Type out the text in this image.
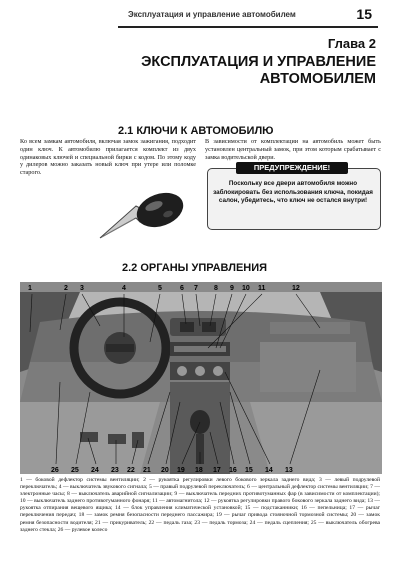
Эксплуатация и управление автомобилем	15
Глава 2
ЭКСПЛУАТАЦИЯ И УПРАВЛЕНИЕ
АВТОМОБИЛЕМ
2.1 КЛЮЧИ К АВТОМОБИЛЮ
Ко всем замкам автомобиля, включая замок зажигания, подходит один ключ. К автомобилю прилагается комплект из двух одинаковых ключей и специальной бирки с кодом. По этому коду у дилеров можно заказать новый ключ при утере или поломке старого.
В зависимости от комплектации на автомобиль может быть установлен центральный замок, при этом которым срабатывает с замка водительской двери.
ПРЕДУПРЕЖДЕНИЕ!
Поскольку все двери автомобиля можно заблокировать без использования ключа, покидая салон, убедитесь, что ключ не остался внутри!
2.2 ОРГАНЫ УПРАВЛЕНИЯ
1	2 3	4	5	6 7 8 9 10 11	12
26 25 24 23 22 21 20 19 18 17 16 15 14 13
1 — боковой дефлектор системы вентиляции; 2 — рукоятка регулировки левого бокового зеркала заднего вида; 3 — левый подрулевой переключатель; 4 — выключатель звукового сигнала; 5 — правый подрулевой переключатель; 6 — центральный дефлектор системы вентиляции; 7 — электронные часы; 8 — выключатель аварийной сигнализации; 9 — выключатель передних противотуманных фар (в зависимости от комплектации); 10 — выключатель заднего противотуманного фонаря; 11 — автомагнитола; 12 — рукоятка регулировки правого бокового зеркала заднего вида; 13 — рукоятка отпирания вещевого ящика; 14 — блок управления климатической установкой; 15 — подстаканники; 16 — пепельница; 17 — рычаг переключения передач; 18 — замок ремня безопасности переднего пассажира; 19 — рычаг привода стояночной тормозной системы; 20 — замок ремня безопасности водителя; 21 — прикуриватель; 22 — педаль газа; 23 — педаль тормоза; 24 — педаль сцепления; 25 — выключатель обогрева заднего стекла; 26 — рулевое колесо
